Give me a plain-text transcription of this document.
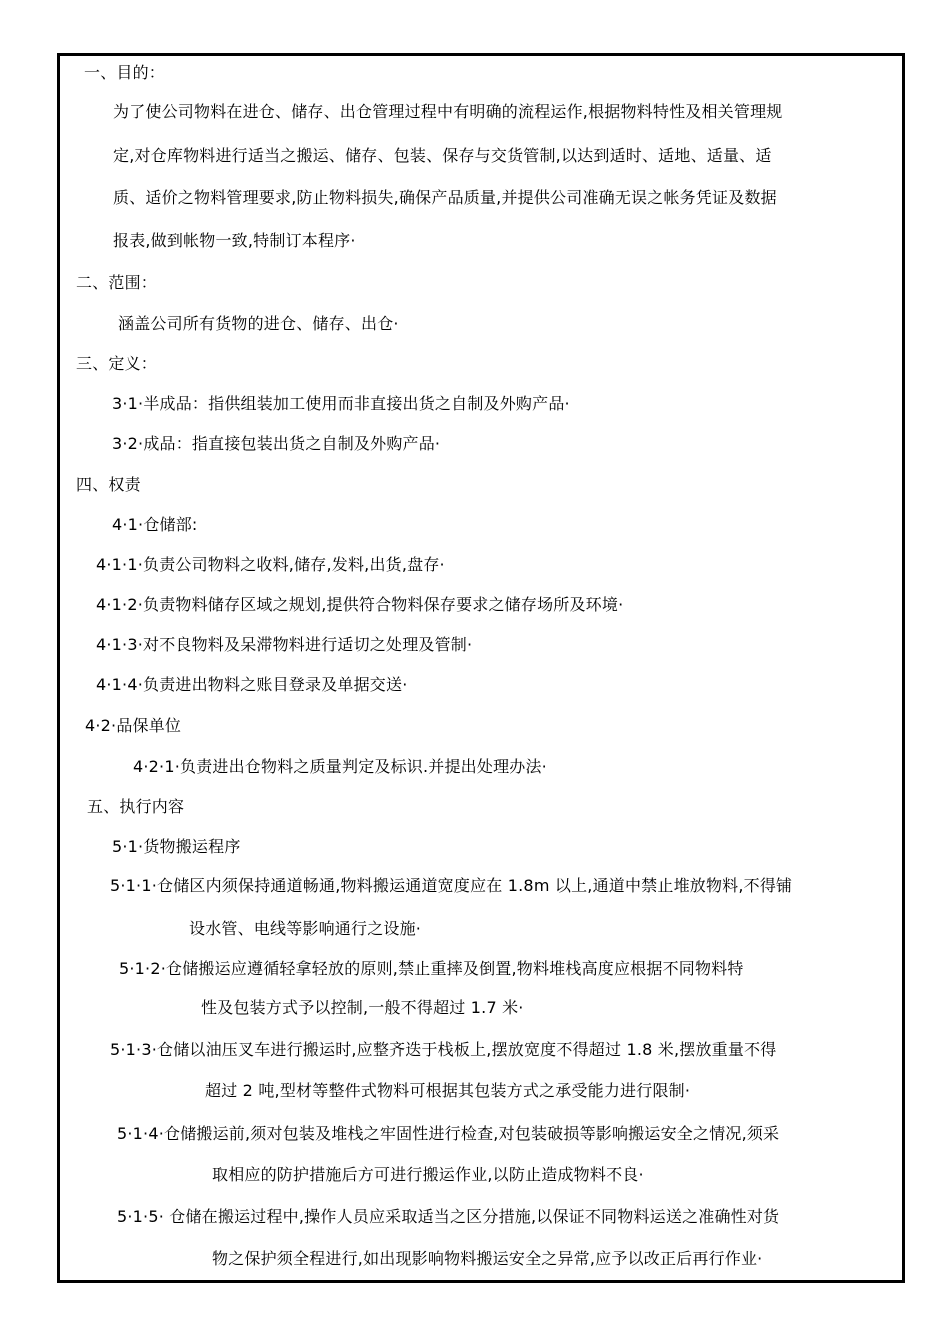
一、目的：
为了使公司物料在进仓、储存、出仓管理过程中有明确的流程运作,根据物料特性及相关管理规
定,对仓库物料进行适当之搬运、储存、包装、保存与交货管制,以达到适时、适地、适量、适
质、适价之物料管理要求,防止物料损失,确保产品质量,并提供公司准确无误之帐务凭证及数据
报表,做到帐物一致,特制订本程序·
二、范围：
涵盖公司所有货物的进仓、储存、出仓·
三、定义：
3·1·半成品：指供组装加工使用而非直接出货之自制及外购产品·
3·2·成品：指直接包装出货之自制及外购产品·
四、权责
4·1·仓储部:
4·1·1·负责公司物料之收料,储存,发料,出货,盘存·
4·1·2·负责物料储存区域之规划,提供符合物料保存要求之储存场所及环境·
4·1·3·对不良物料及呆滞物料进行适切之处理及管制·
4·1·4·负责进出物料之账目登录及单据交送·
4·2·品保单位
4·2·1·负责进出仓物料之质量判定及标识.并提出处理办法·
五、执行内容
5·1·货物搬运程序
5·1·1·仓储区内须保持通道畅通,物料搬运通道宽度应在 1.8m 以上,通道中禁止堆放物料,不得铺
设水管、电线等影响通行之设施·
5·1·2·仓储搬运应遵循轻拿轻放的原则,禁止重摔及倒置,物料堆栈高度应根据不同物料特
性及包装方式予以控制,一般不得超过 1.7 米·
5·1·3·仓储以油压叉车进行搬运时,应整齐迭于栈板上,摆放宽度不得超过 1.8 米,摆放重量不得
超过 2 吨,型材等整件式物料可根据其包装方式之承受能力进行限制·
5·1·4·仓储搬运前,须对包装及堆栈之牢固性进行检查,对包装破损等影响搬运安全之情况,须采
取相应的防护措施后方可进行搬运作业,以防止造成物料不良·
5·1·5· 仓储在搬运过程中,操作人员应采取适当之区分措施,以保证不同物料运送之准确性对货
物之保护须全程进行,如出现影响物料搬运安全之异常,应予以改正后再行作业·
